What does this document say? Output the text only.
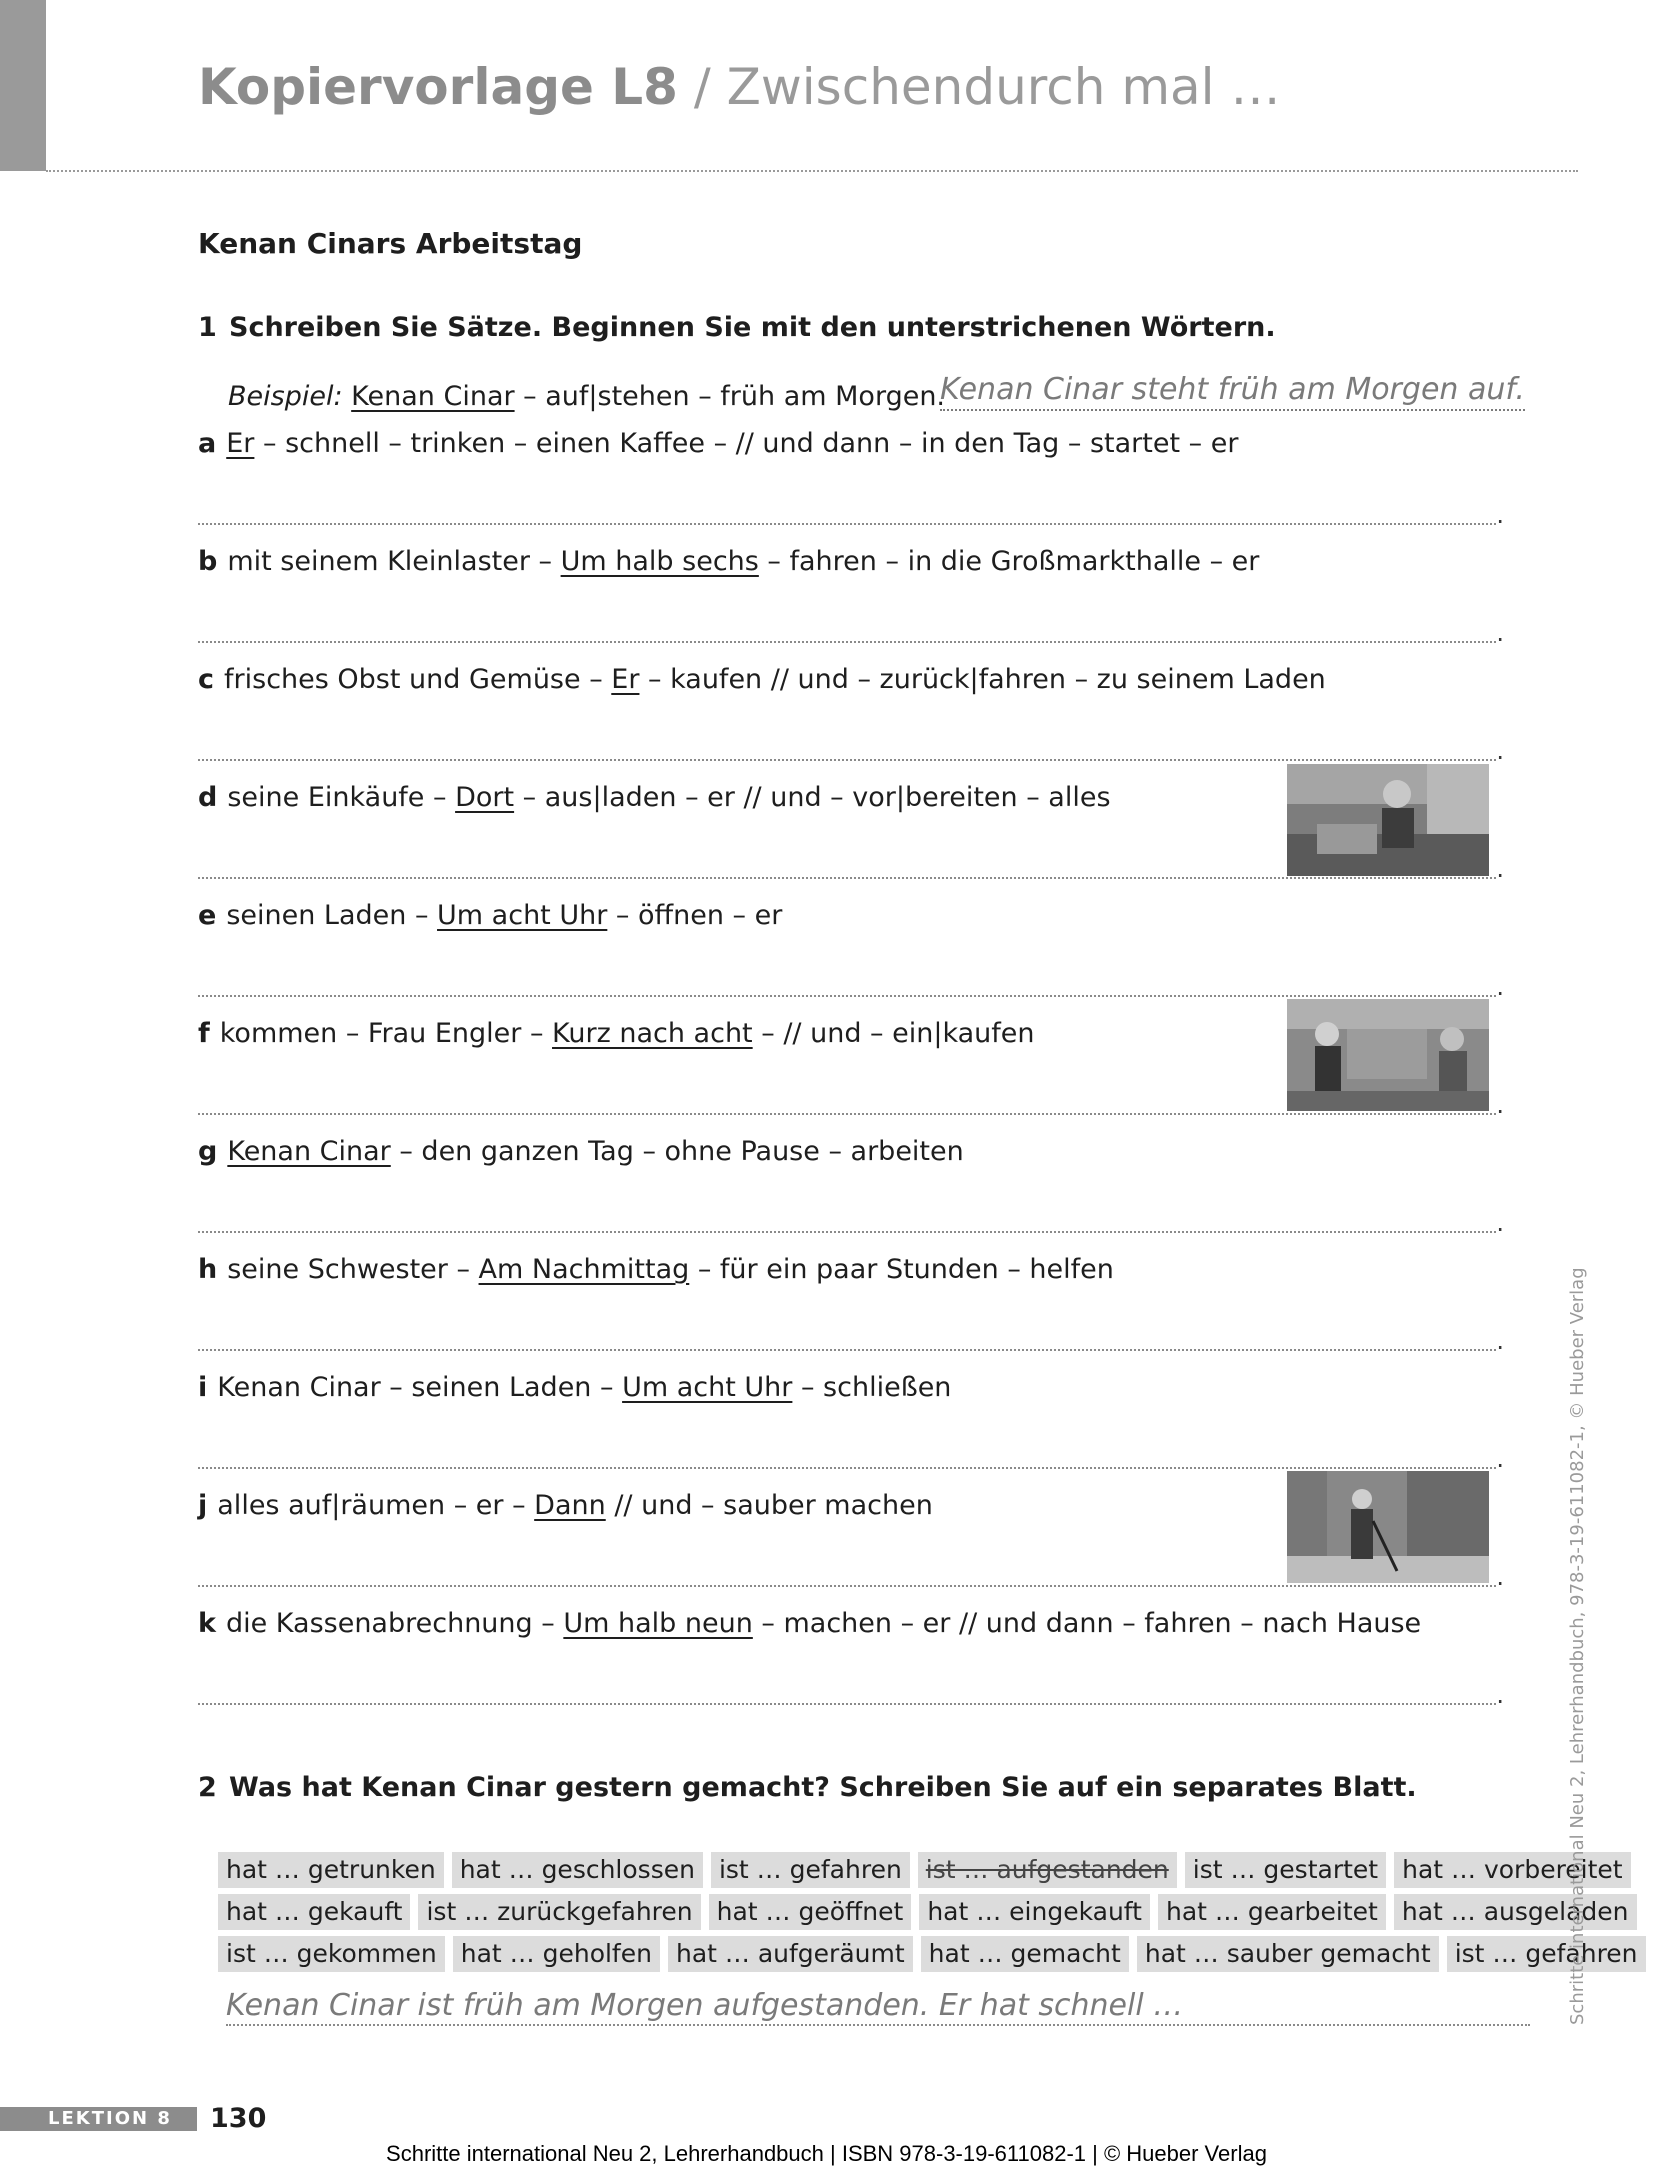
Kopiervorlage L8 / Zwischendurch mal …
Kenan Cinars Arbeitstag
1 Schreiben Sie Sätze. Beginnen Sie mit den unterstrichenen Wörtern.
Beispiel: Kenan Cinar – auf|stehen – früh am Morgen.
Kenan Cinar steht früh am Morgen auf.
a Er – schnell – trinken – einen Kaffee – // und dann – in den Tag – startet – er
.
b mit seinem Kleinlaster – Um halb sechs – fahren – in die Großmarkthalle – er
.
c frisches Obst und Gemüse – Er – kaufen // und – zurück|fahren – zu seinem Laden
.
d seine Einkäufe – Dort – aus|laden – er // und – vor|bereiten – alles
.
e seinen Laden – Um acht Uhr – öffnen – er
.
f kommen – Frau Engler – Kurz nach acht – // und – ein|kaufen
.
g Kenan Cinar – den ganzen Tag – ohne Pause – arbeiten
.
h seine Schwester – Am Nachmittag – für ein paar Stunden – helfen
.
i Kenan Cinar – seinen Laden – Um acht Uhr – schließen
.
j alles auf|räumen – er – Dann // und – sauber machen
.
k die Kassenabrechnung – Um halb neun – machen – er // und dann – fahren – nach Hause
.
2 Was hat Kenan Cinar gestern gemacht? Schreiben Sie auf ein separates Blatt.
hat … getrunken hat … geschlossen ist … gefahren ist … aufgestanden ist … gestartet hat … vorbereitet
hat … gekauft ist … zurückgefahren hat … geöffnet hat … eingekauft hat … gearbeitet hat … ausgeladen
ist … gekommen hat … geholfen hat … aufgeräumt hat … gemacht hat … sauber gemacht ist … gefahren
Kenan Cinar ist früh am Morgen aufgestanden. Er hat schnell …	Schritte international Neu 2, Lehrerhandbuch, 978-3-19-611082-1, © Hueber Verlag
LEKTION 8	130
Schritte international Neu 2, Lehrerhandbuch | ISBN 978-3-19-611082-1 | © Hueber Verlag
